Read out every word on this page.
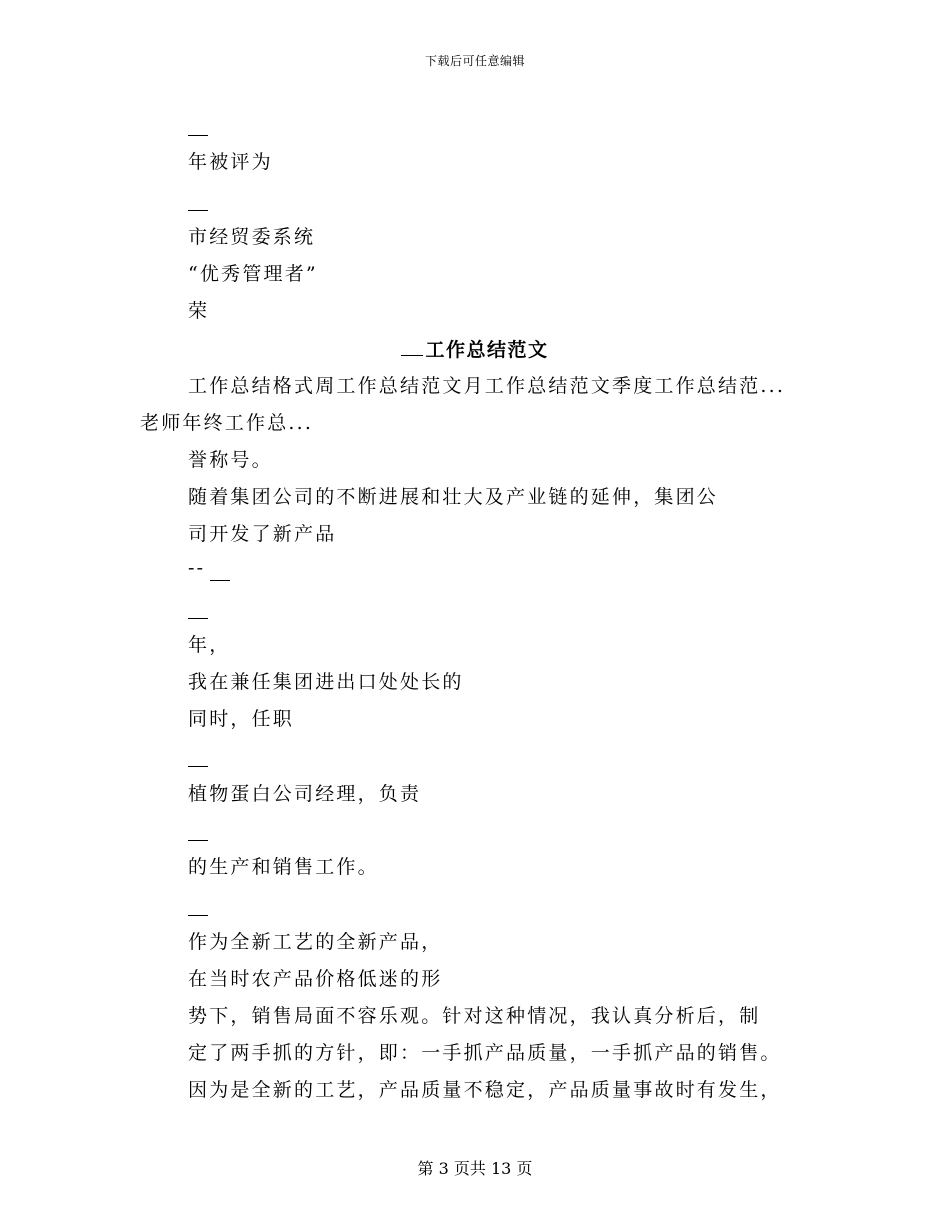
下载后可任意编辑
年被评为
市经贸委系统
“优秀管理者”
荣
工作总结范文
工作总结格式周工作总结范文月工作总结范文季度工作总结范...
老师年终工作总...
誉称号。
随着集团公司的不断进展和壮大及产业链的延伸，集团公
司开发了新产品
--
年，
我在兼任集团进出口处处长的
同时，任职
植物蛋白公司经理，负责
的生产和销售工作。
作为全新工艺的全新产品，
在当时农产品价格低迷的形
势下，销售局面不容乐观。针对这种情况，我认真分析后，制
定了两手抓的方针，即：一手抓产品质量，一手抓产品的销售。
因为是全新的工艺，产品质量不稳定，产品质量事故时有发生，
第 3 页共 13 页
